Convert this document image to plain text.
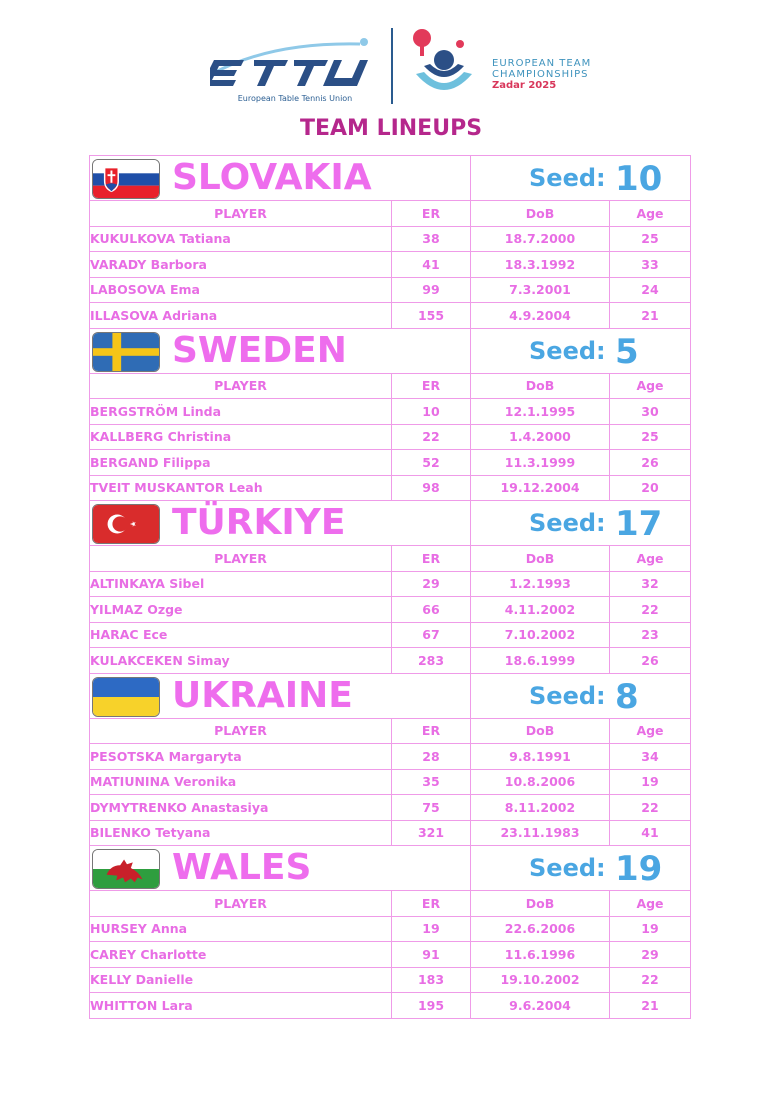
European Table Tennis Union
EUROPEAN TEAM
CHAMPIONSHIPS
Zadar 2025
TEAM LINEUPS
SLOVAKIA		Seed: 10	

PLAYER	ER	DoB	Age
KUKULKOVA Tatiana	38	18.7.2000	25
VARADY Barbora	41	18.3.1992	33
LABOSOVA Ema	99	7.3.2001	24
ILLASOVA Adriana	155	4.9.2004	21

SWEDEN		Seed: 5	

PLAYER	ER	DoB	Age
BERGSTRÖM Linda	10	12.1.1995	30
KALLBERG Christina	22	1.4.2000	25
BERGAND Filippa	52	11.3.1999	26
TVEIT MUSKANTOR Leah	98	19.12.2004	20

TÜRKIYE		Seed: 17	

PLAYER	ER	DoB	Age
ALTINKAYA Sibel	29	1.2.1993	32
YILMAZ Ozge	66	4.11.2002	22
HARAC Ece	67	7.10.2002	23
KULAKCEKEN Simay	283	18.6.1999	26

UKRAINE		Seed: 8	

PLAYER	ER	DoB	Age
PESOTSKA Margaryta	28	9.8.1991	34
MATIUNINA Veronika	35	10.8.2006	19
DYMYTRENKO Anastasiya	75	8.11.2002	22
BILENKO Tetyana	321	23.11.1983	41

WALES		Seed: 19	

PLAYER	ER	DoB	Age
HURSEY Anna	19	22.6.2006	19
CAREY Charlotte	91	11.6.1996	29
KELLY Danielle	183	19.10.2002	22
WHITTON Lara	195	9.6.2004	21
